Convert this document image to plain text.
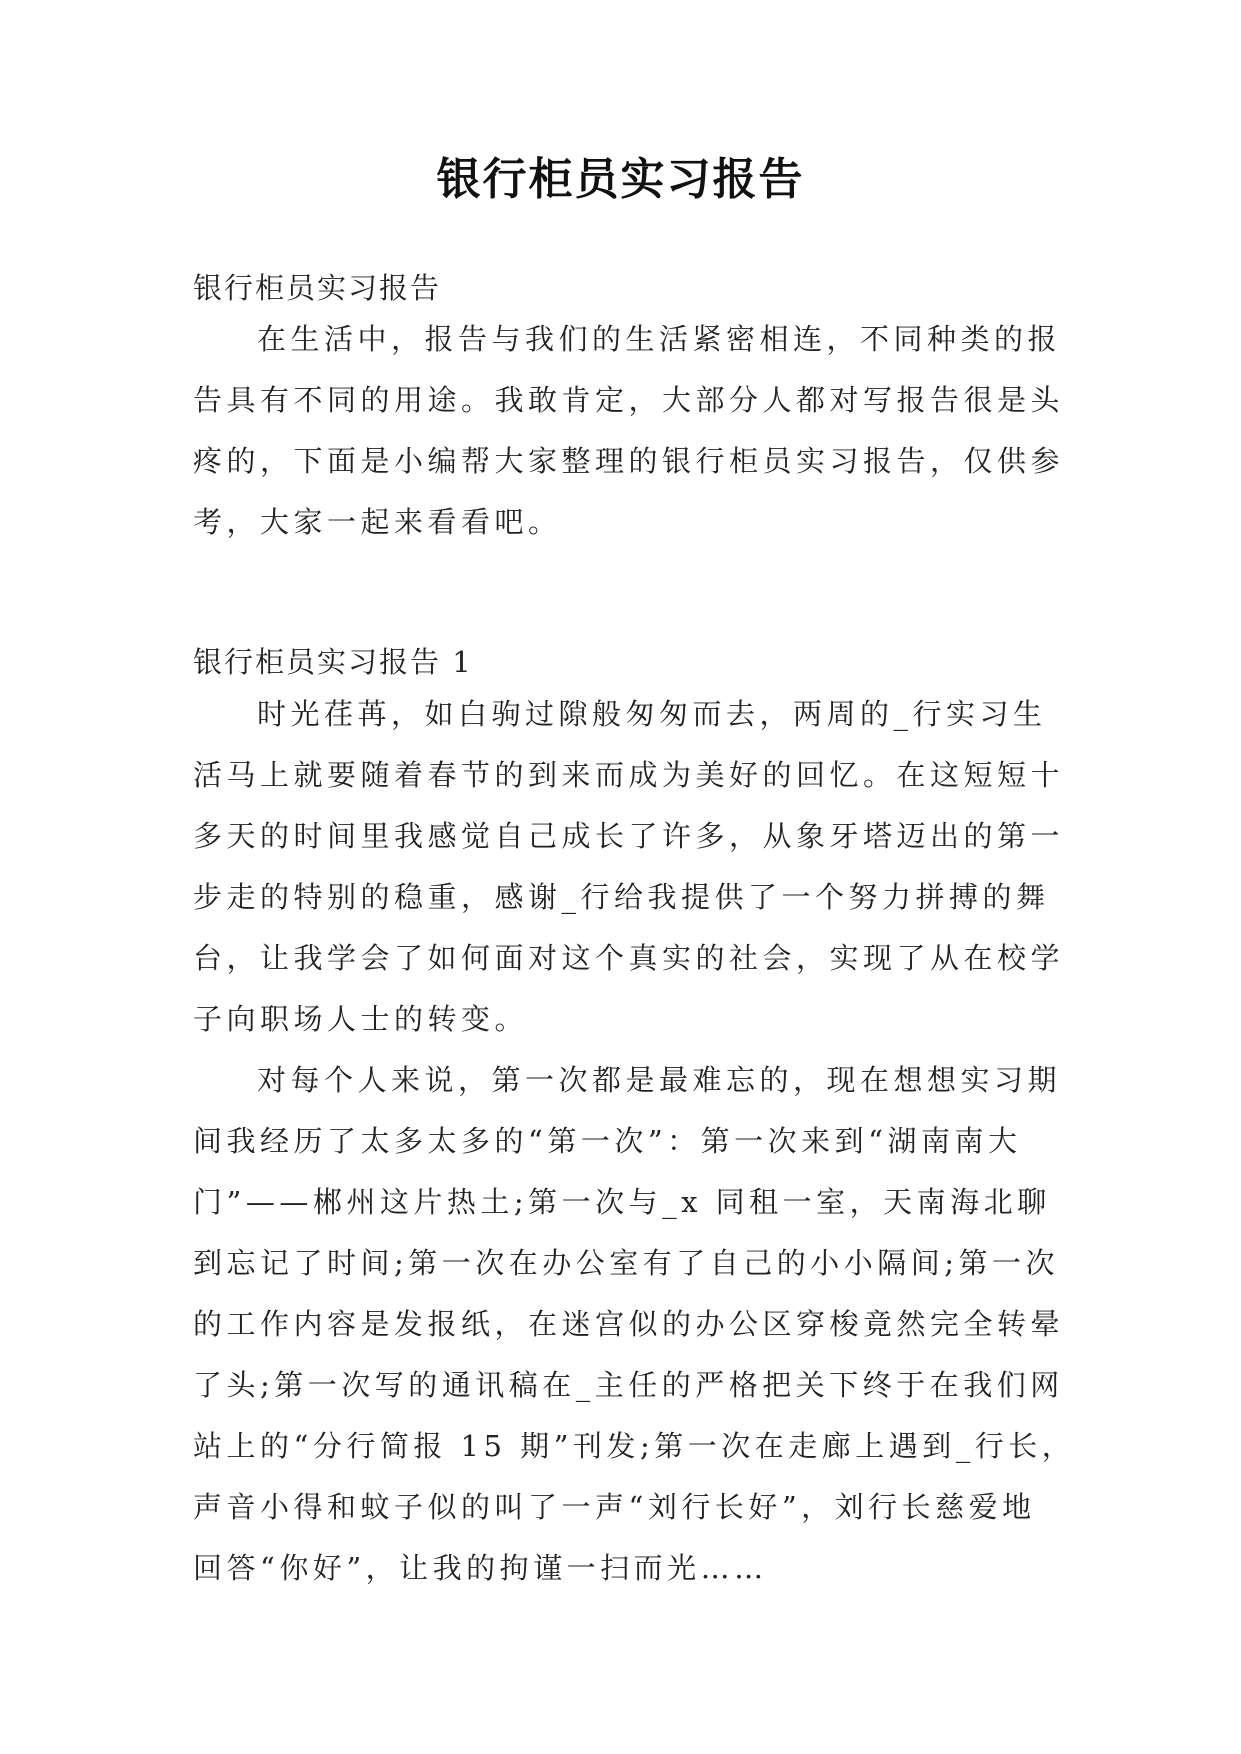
银行柜员实习报告
银行柜员实习报告
在生活中，报告与我们的生活紧密相连，不同种类的报
告具有不同的用途。我敢肯定，大部分人都对写报告很是头
疼的，下面是小编帮大家整理的银行柜员实习报告，仅供参
考，大家一起来看看吧。
银行柜员实习报告 1
时光荏苒，如白驹过隙般匆匆而去，两周的_行实习生
活马上就要随着春节的到来而成为美好的回忆。在这短短十
多天的时间里我感觉自己成长了许多，从象牙塔迈出的第一
步走的特别的稳重，感谢_行给我提供了一个努力拼搏的舞
台，让我学会了如何面对这个真实的社会，实现了从在校学
子向职场人士的转变。
对每个人来说，第一次都是最难忘的，现在想想实习期
间我经历了太多太多的“第一次”：第一次来到“湖南南大
门”——郴州这片热土;第一次与_x 同租一室，天南海北聊
到忘记了时间;第一次在办公室有了自己的小小隔间;第一次
的工作内容是发报纸，在迷宫似的办公区穿梭竟然完全转晕
了头;第一次写的通讯稿在_主任的严格把关下终于在我们网
站上的“分行简报 15 期”刊发;第一次在走廊上遇到_行长，
声音小得和蚊子似的叫了一声“刘行长好”，刘行长慈爱地
回答“你好”，让我的拘谨一扫而光……
